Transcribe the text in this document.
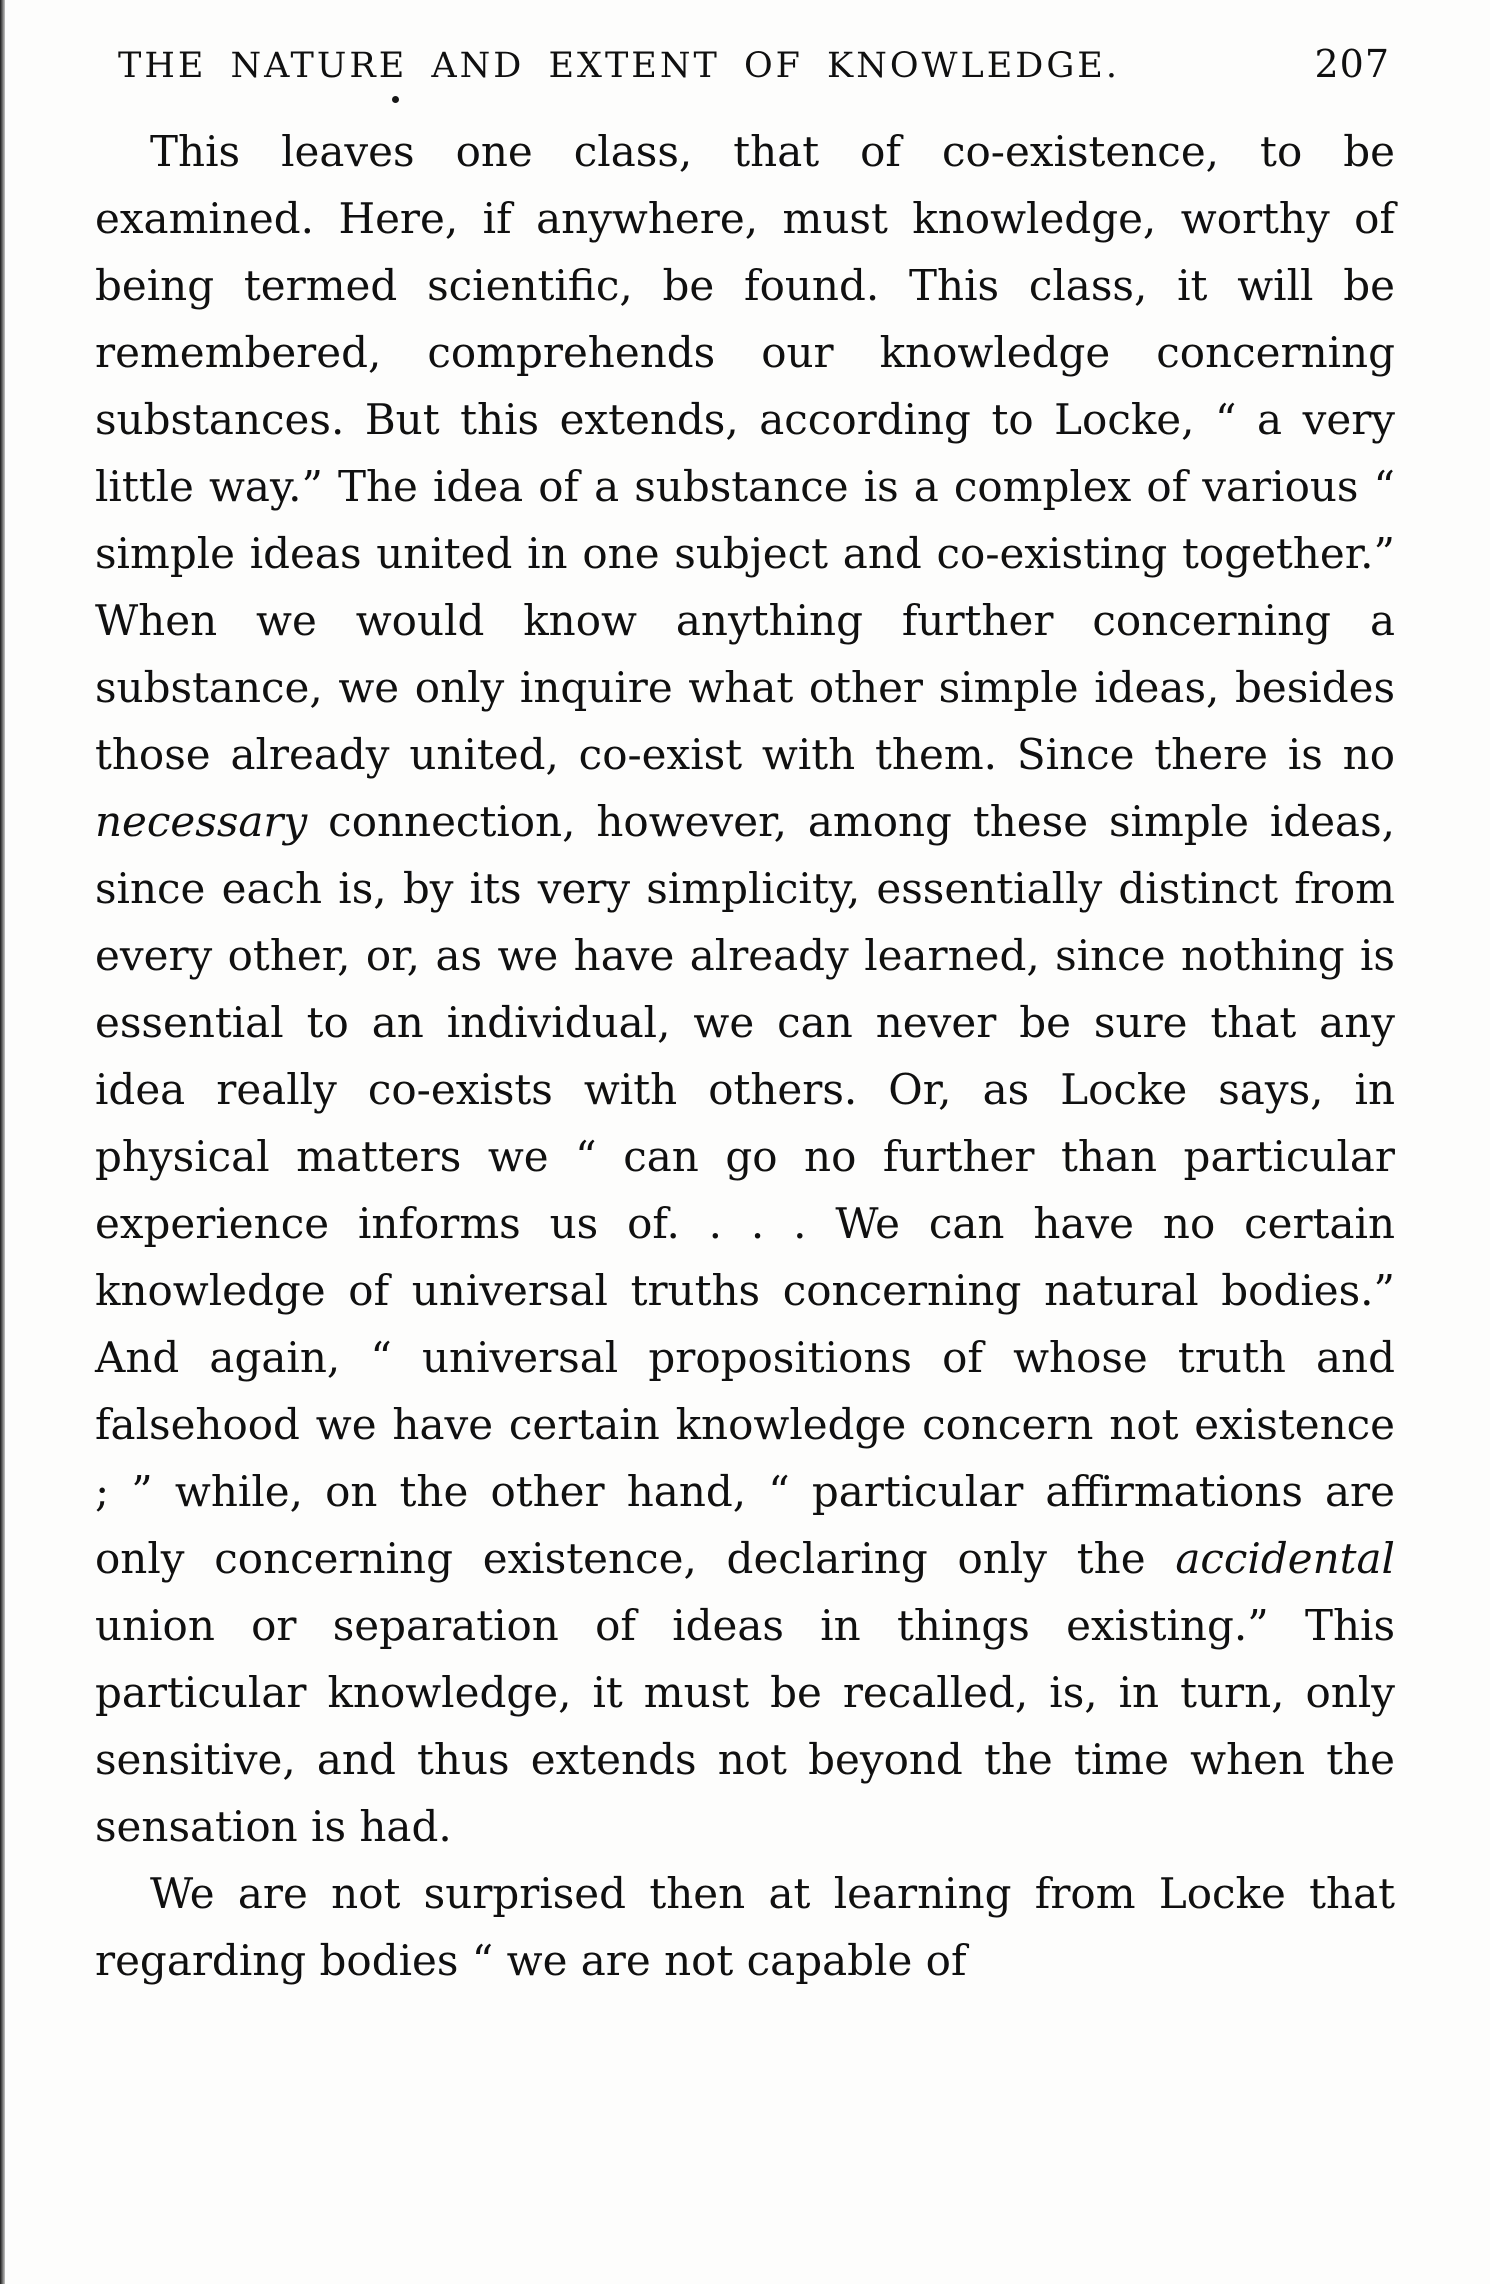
THE NATURE AND EXTENT OF KNOWLEDGE.	207

This leaves one class, that of co-existence, to be examined. Here, if anywhere, must knowledge, worthy of being termed scientific, be found. This class, it will be remembered, comprehends our knowledge concerning substances. But this extends, according to Locke, “ a very little way.” The idea of a substance is a complex of various “ simple ideas united in one subject and co-existing together.” When we would know anything further concerning a substance, we only inquire what other simple ideas, besides those already united, co-exist with them. Since there is no necessary connection, however, among these simple ideas, since each is, by its very simplicity, essentially distinct from every other, or, as we have already learned, since nothing is essential to an individual, we can never be sure that any idea really co-exists with others. Or, as Locke says, in physical matters we “ can go no further than particular experience informs us of. . . . We can have no certain knowledge of universal truths concerning natural bodies.” And again, “ universal propositions of whose truth and falsehood we have certain knowledge concern not existence ; ” while, on the other hand, “ particular affirmations are only concerning existence, declaring only the accidental union or separation of ideas in things existing.” This particular knowledge, it must be recalled, is, in turn, only sensitive, and thus extends not beyond the time when the sensation is had.

We are not surprised then at learning from Locke that regarding bodies “ we are not capable of
